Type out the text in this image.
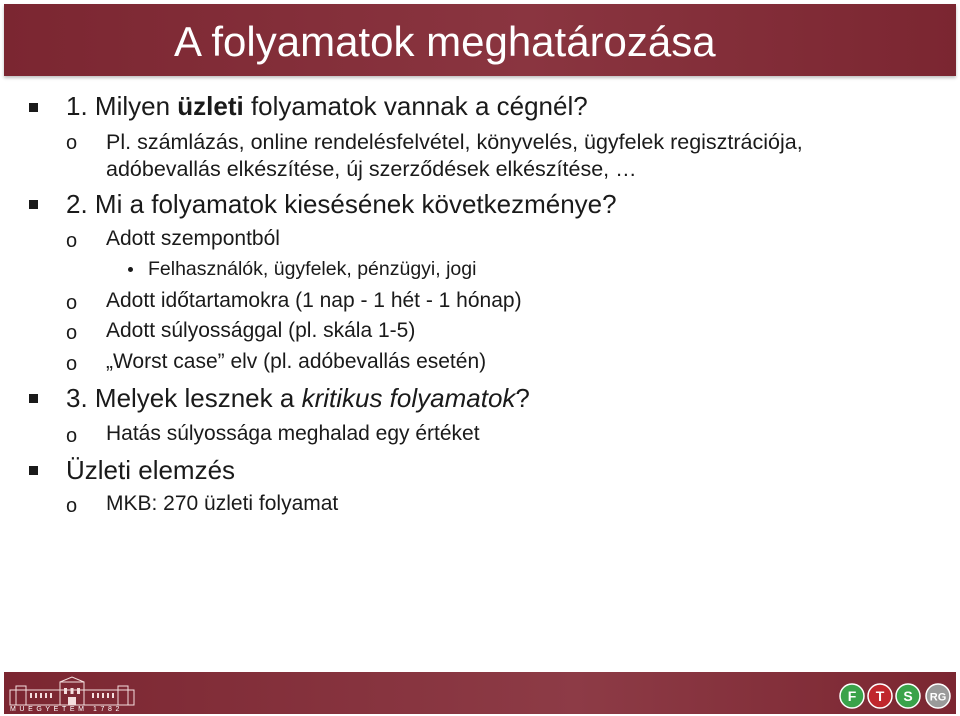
A folyamatok meghatározása
1. Milyen üzleti folyamatok vannak a cégnél?
o Pl. számlázás, online rendelésfelvétel, könyvelés, ügyfelek regisztrációja,
adóbevallás elkészítése, új szerződések elkészítése, …
2. Mi a folyamatok kiesésének következménye?
o Adott szempontból
Felhasználók, ügyfelek, pénzügyi, jogi
o Adott időtartamokra (1 nap - 1 hét - 1 hónap)
o Adott súlyossággal (pl. skála 1-5)
o „Worst case” elv (pl. adóbevallás esetén)
3. Melyek lesznek a kritikus folyamatok?
o Hatás súlyossága meghalad egy értéket
Üzleti elemzés
o MKB: 270 üzleti folyamat
MŰEGYETEM 1782
F T S RG
